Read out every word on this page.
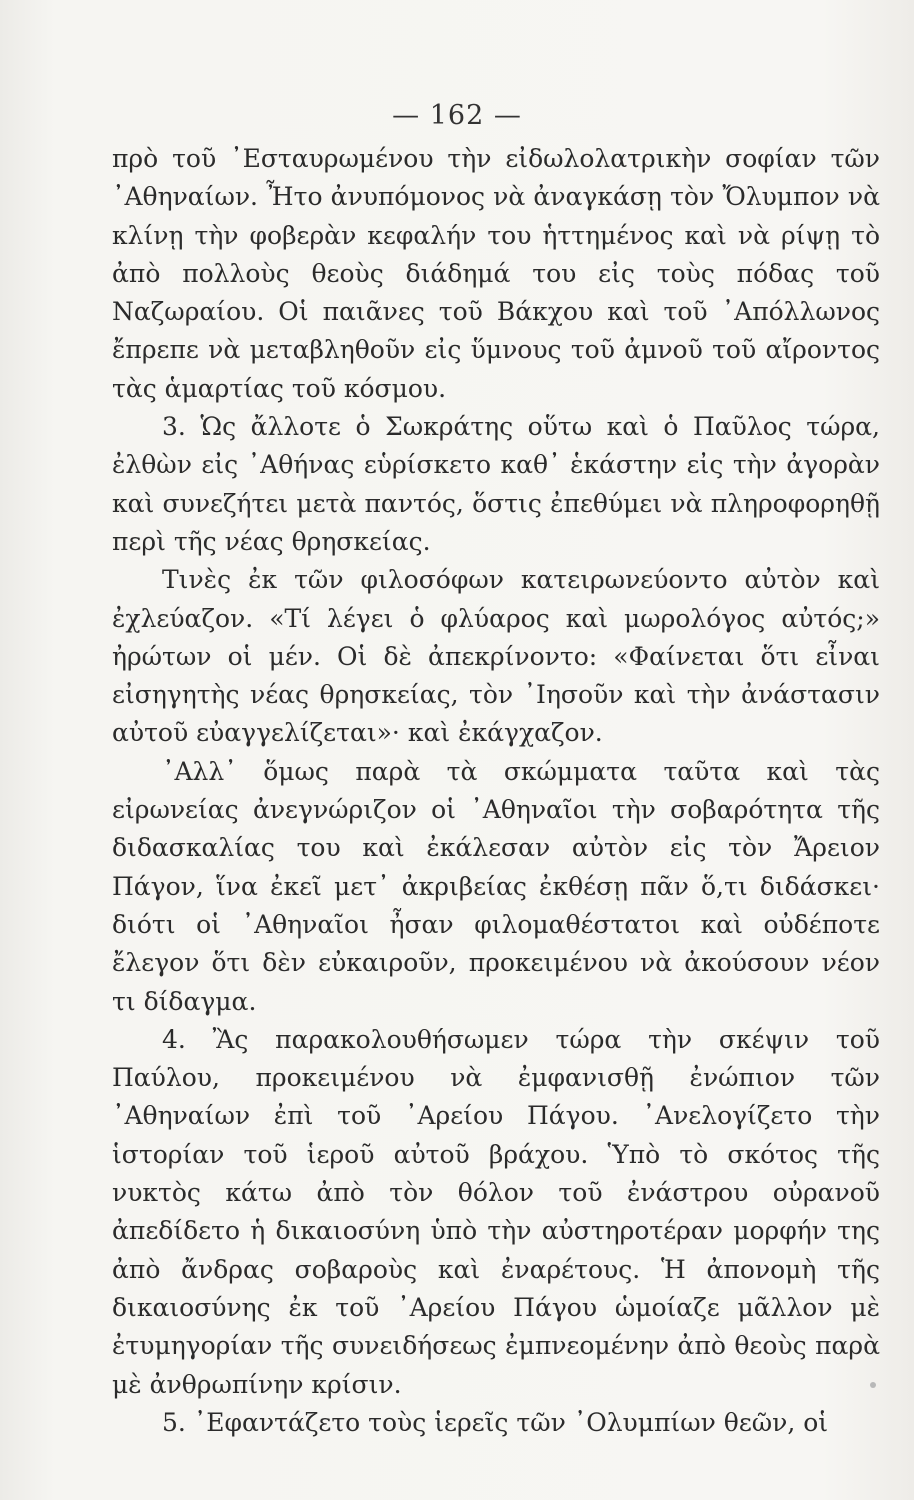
— 162 —

πρὸ τοῦ ᾿Εσταυρωμένου τὴν εἰδωλολατρικὴν σοφίαν τῶν ᾿Αθηναίων. Ἦτο ἀνυπόμονος νὰ ἀναγκάσῃ τὸν Ὄλυμπον νὰ κλίνῃ τὴν φοβερὰν κεφαλήν του ἡττημένος καὶ νὰ ρίψῃ τὸ ἀπὸ πολλοὺς θεοὺς διάδημά του εἰς τοὺς πόδας τοῦ Ναζωραίου. Οἱ παιᾶνες τοῦ Βάκχου καὶ τοῦ ᾿Απόλλωνος ἔπρεπε νὰ μεταβληθοῦν εἰς ὕμνους τοῦ ἀμνοῦ τοῦ αἴροντος τὰς ἁμαρτίας τοῦ κόσμου.

3. Ὡς ἄλλοτε ὁ Σωκράτης οὕτω καὶ ὁ Παῦλος τώρα, ἐλθὼν εἰς ᾿Αθήνας εὑρίσκετο καθ᾿ ἑκάστην εἰς τὴν ἀγορὰν καὶ συνεζήτει μετὰ παντός, ὅστις ἐπεθύμει νὰ πληροφορηθῇ περὶ τῆς νέας θρησκείας.

Τινὲς ἐκ τῶν φιλοσόφων κατειρωνεύοντο αὐτὸν καὶ ἐχλεύαζον. «Τί λέγει ὁ φλύαρος καὶ μωρολόγος αὐτός;» ἠρώτων οἱ μέν. Οἱ δὲ ἀπεκρίνοντο: «Φαίνεται ὅτι εἶναι εἰσηγητὴς νέας θρησκείας, τὸν ᾿Ιησοῦν καὶ τὴν ἀνάστασιν αὐτοῦ εὐαγγελίζεται»· καὶ ἐκάγχαζον.

᾿Αλλ᾿ ὅμως παρὰ τὰ σκώμματα ταῦτα καὶ τὰς εἰρωνείας ἀνεγνώριζον οἱ ᾿Αθηναῖοι τὴν σοβαρότητα τῆς διδασκαλίας του καὶ ἐκάλεσαν αὐτὸν εἰς τὸν Ἄρειον Πάγον, ἵνα ἐκεῖ μετ᾿ ἀκριβείας ἐκθέσῃ πᾶν ὅ,τι διδάσκει· διότι οἱ ᾿Αθηναῖοι ἦσαν φιλομαθέστατοι καὶ οὐδέποτε ἔλεγον ὅτι δὲν εὐκαιροῦν, προκειμένου νὰ ἀκούσουν νέον τι δίδαγμα.

4. Ἂς παρακολουθήσωμεν τώρα τὴν σκέψιν τοῦ Παύλου, προκειμένου νὰ ἐμφανισθῇ ἐνώπιον τῶν ᾿Αθηναίων ἐπὶ τοῦ ᾿Αρείου Πάγου. ᾿Ανελογίζετο τὴν ἱστορίαν τοῦ ἱεροῦ αὐτοῦ βράχου. Ὑπὸ τὸ σκότος τῆς νυκτὸς κάτω ἀπὸ τὸν θόλον τοῦ ἐνάστρου οὐρανοῦ ἀπεδίδετο ἡ δικαιοσύνη ὑπὸ τὴν αὐστηροτέραν μορφήν της ἀπὸ ἄνδρας σοβαροὺς καὶ ἐναρέτους. Ἡ ἀπονομὴ τῆς δικαιοσύνης ἐκ τοῦ ᾿Αρείου Πάγου ὡμοίαζε μᾶλλον μὲ ἐτυμηγορίαν τῆς συνειδήσεως ἐμπνεομένην ἀπὸ θεοὺς παρὰ μὲ ἀνθρωπίνην κρίσιν.

5. ᾿Εφαντάζετο τοὺς ἱερεῖς τῶν ᾿Ολυμπίων θεῶν, οἱ
